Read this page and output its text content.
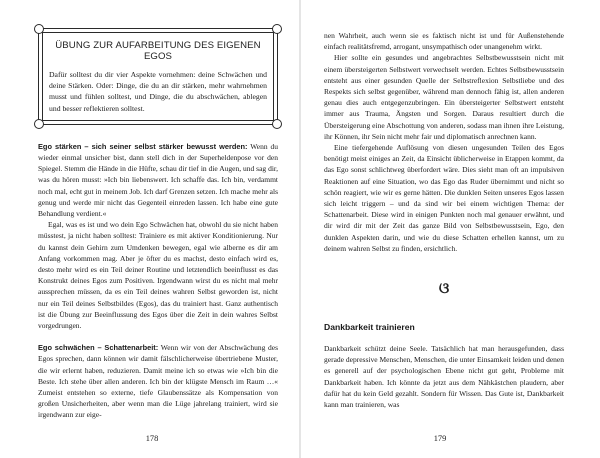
ÜBUNG ZUR AUFARBEITUNG DES EIGENEN EGOS

Dafür solltest du dir vier Aspekte vornehmen: deine Schwächen und deine Stärken. Oder: Dinge, die du an dir stärken, mehr wahrnehmen musst und fühlen solltest, und Dinge, die du abschwächen, ablegen und besser reflektieren solltest.

Ego stärken – sich seiner selbst stärker bewusst werden: Wenn du wieder einmal unsicher bist, dann stell dich in der Superheldenpose vor den Spiegel. Stemm die Hände in die Hüfte, schau dir tief in die Augen, und sag dir, was du hören musst: »Ich bin liebenswert. Ich schaffe das. Ich bin, verdammt noch mal, echt gut in meinem Job. Ich darf Grenzen setzen. Ich mache mehr als genug und werde mir nicht das Gegenteil einreden lassen. Ich habe eine gute Behandlung verdient.«

Egal, was es ist und wo dein Ego Schwächen hat, obwohl du sie nicht haben müsstest, ja nicht haben solltest: Trainiere es mit aktiver Konditionierung. Nur du kannst dein Gehirn zum Umdenken bewegen, egal wie alberne es dir am Anfang vorkommen mag. Aber je öfter du es machst, desto einfach wird es, desto mehr wird es ein Teil deiner Routine und letztendlich beeinflusst es das Konstrukt deines Egos zum Positiven. Irgendwann wirst du es nicht mal mehr aussprechen müssen, da es ein Teil deines wahren Selbst geworden ist, nicht nur ein Teil deines Selbstbildes (Egos), das du trainiert hast. Ganz authentisch ist die Übung zur Beeinflussung des Egos über die Zeit in dein wahres Selbst vorgedrungen.

Ego schwächen – Schattenarbeit: Wenn wir von der Abschwächung des Egos sprechen, dann können wir damit fälschlicherweise übertriebene Muster, die wir erlernt haben, reduzieren. Damit meine ich so etwas wie »Ich bin die Beste. Ich stehe über allen anderen. Ich bin der klügste Mensch im Raum …« Zumeist entstehen so externe, tiefe Glaubenssätze als Kompensation von großen Unsicherheiten, aber wenn man die Lüge jahrelang trainiert, wird sie irgendwann zur eige-

178

nen Wahrheit, auch wenn sie es faktisch nicht ist und für Außenstehende einfach realitätsfremd, arrogant, unsympathisch oder unangenehm wirkt.

Hier sollte ein gesundes und angebrachtes Selbstbewusstsein nicht mit einem übersteigerten Selbstwert verwechselt werden. Echtes Selbstbewusstsein entsteht aus einer gesunden Quelle der Selbstreflexion Selbstliebe und des Respekts sich selbst gegenüber, während man dennoch fähig ist, allen anderen genau dies auch entgegenzubringen. Ein übersteigerter Selbstwert entsteht immer aus Trauma, Ängsten und Sorgen. Daraus resultiert durch die Übersteigerung eine Abschottung von anderen, sodass man ihnen ihre Leistung, ihr Können, ihr Sein nicht mehr fair und diplomatisch anrechnen kann.

Eine tiefergehende Auflösung von diesen ungesunden Teilen des Egos benötigt meist einiges an Zeit, da Einsicht üblicherweise in Etappen kommt, da das Ego sonst schlichtweg überfordert wäre. Dies sieht man oft an impulsiven Reaktionen auf eine Situation, wo das Ego das Ruder übernimmt und nicht so schön reagiert, wie wir es gerne hätten. Die dunklen Seiten unseres Egos lassen sich leicht triggern – und da sind wir bei einem wichtigen Thema: der Schattenarbeit. Diese wird in einigen Punkten noch mal genauer erwähnt, und dir wird dir mit der Zeit das ganze Bild von Selbstbewusstsein, Ego, den dunklen Aspekten darin, und wie du diese Schatten erhellen kannst, um zu deinem wahren Selbst zu finden, ersichtlich.

ଓ
Dankbarkeit trainieren

Dankbarkeit schützt deine Seele. Tatsächlich hat man herausgefunden, dass gerade depressive Menschen, Menschen, die unter Einsamkeit leiden und denen es generell auf der psychologischen Ebene nicht gut geht, Probleme mit Dankbarkeit haben. Ich könnte da jetzt aus dem Nähkästchen plaudern, aber dafür hat du kein Geld gezahlt. Sondern für Wissen. Das Gute ist, Dankbarkeit kann man trainieren, was

179
